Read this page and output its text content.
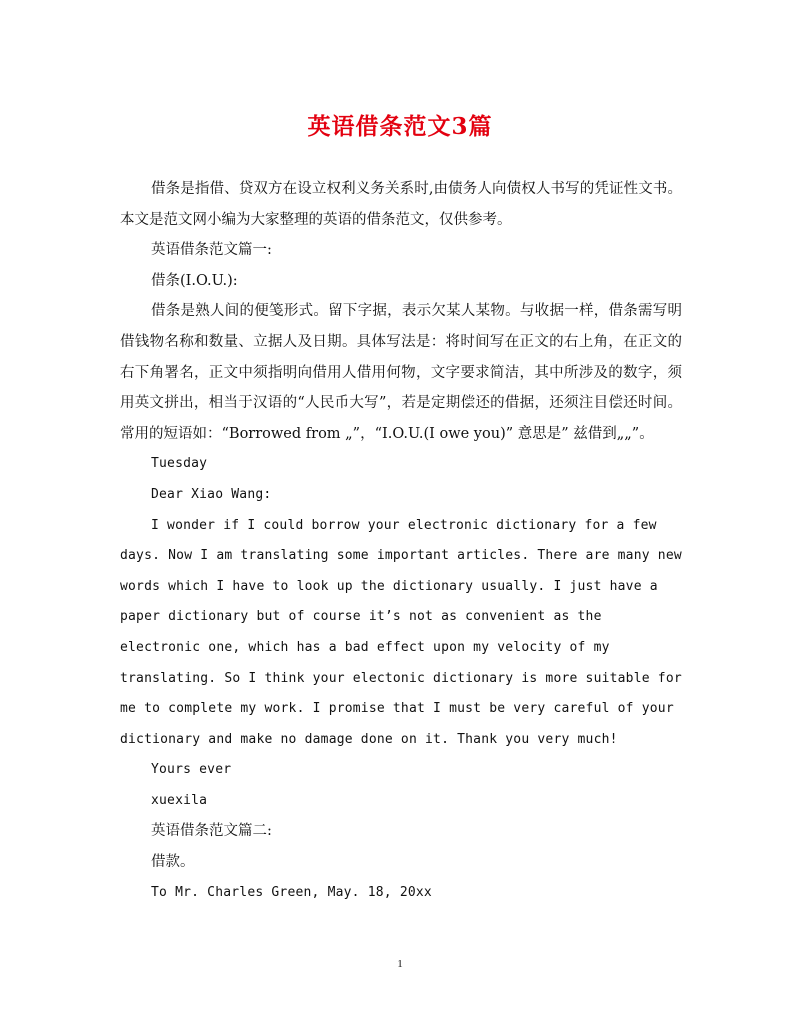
英语借条范文3篇

借条是指借、贷双方在设立权利义务关系时,由债务人向债权人书写的凭证性文书。本文是范文网小编为大家整理的英语的借条范文，仅供参考。

英语借条范文篇一:

借条(I.O.U.):

借条是熟人间的便笺形式。留下字据，表示欠某人某物。与收据一样，借条需写明借钱物名称和数量、立据人及日期。具体写法是：将时间写在正文的右上角，在正文的右下角署名，正文中须指明向借用人借用何物，文字要求简洁，其中所涉及的数字，须用英文拼出，相当于汉语的“人民币大写”，若是定期偿还的借据，还须注目偿还时间。常用的短语如：“Borrowed from „”，“I.O.U.(I owe you)” 意思是” 兹借到„„”。

Tuesday

Dear Xiao Wang:

I wonder if I could borrow your electronic dictionary for a few days. Now I am translating some important articles. There are many new words which I have to look up the dictionary usually. I just have a paper dictionary but of course it’s not as convenient as the electronic one, which has a bad effect upon my velocity of my translating. So I think your electonic dictionary is more suitable for me to complete my work. I promise that I must be very careful of your dictionary and make no damage done on it. Thank you very much!

Yours ever

xuexila

英语借条范文篇二:

借款。

To Mr. Charles Green, May. 18, 20xx

1
